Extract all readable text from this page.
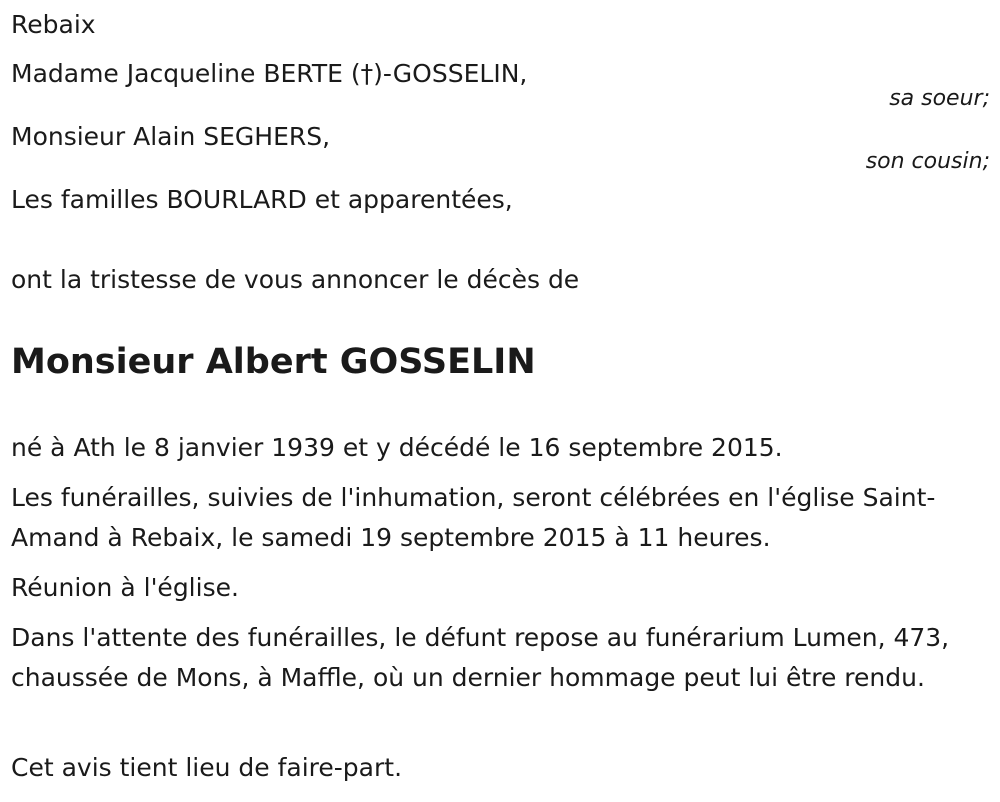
Rebaix
Madame Jacqueline BERTE (†)-GOSSELIN,
sa soeur;
Monsieur Alain SEGHERS,
son cousin;
Les familles BOURLARD et apparentées,
ont la tristesse de vous annoncer le décès de
Monsieur Albert GOSSELIN

né à Ath le 8 janvier 1939 et y décédé le 16 septembre 2015.

Les funérailles, suivies de l'inhumation, seront célébrées en l'église Saint-Amand à Rebaix, le samedi 19 septembre 2015 à 11 heures.

Réunion à l'église.

Dans l'attente des funérailles, le défunt repose au funérarium Lumen, 473, chaussée de Mons, à Maffle, où un dernier hommage peut lui être rendu.

Cet avis tient lieu de faire-part.
